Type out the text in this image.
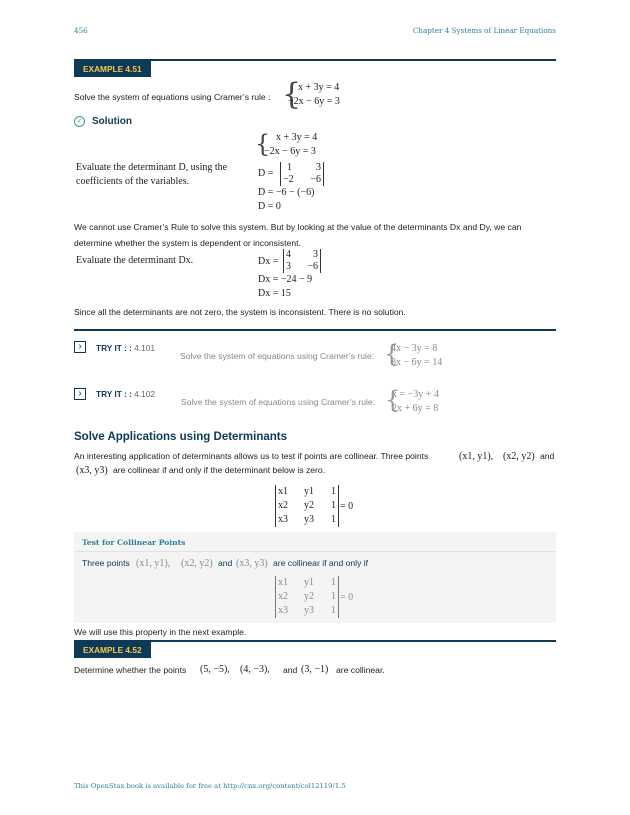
456	Chapter 4 Systems of Linear Equations
EXAMPLE 4.51
Solve the system of equations using Cramer’s rule : {
x + 3y = 4
−2x − 6y = 3
✓ Solution
{ x + 3y = 4
−2x − 6y = 3
Evaluate the determinant D, using the coefficients of the variables.
D =
1 3
−2 −6
D = −6 − (−6)
D = 0
We cannot use Cramer’s Rule to solve this system. But by looking at the value of the determinants Dx and Dy, we can determine whether the system is dependent or inconsistent.
Evaluate the determinant Dx.	Dx =
4 3
3 −6
Dx = −24 − 9
Dx = 15
Since all the determinants are not zero, the system is inconsistent. There is no solution.
›	TRY IT : : 4.101
Solve the system of equations using Cramer’s rule: {
4x − 3y = 8
8x − 6y = 14
›	TRY IT : : 4.102
Solve the system of equations using Cramer’s rule: {
x = −3y + 4
2x + 6y = 8
Solve Applications using Determinants
An interesting application of determinants allows us to test if points are collinear. Three points	(x1, y1), (x2, y2) and
(x3, y3) are collinear if and only if the determinant below is zero.
x1 y1 1
x2 y2 1
x3 y3 1
= 0
Test for Collinear Points
Three points (x1, y1), (x2, y2) and (x3, y3) are collinear if and only if
x1 y1 1
x2 y2 1
x3 y3 1
= 0
We will use this property in the next example.
EXAMPLE 4.52
Determine whether the points (5, −5), (4, −3), and (3, −1) are collinear.
This OpenStax book is available for free at http://cnx.org/content/col12119/1.5
